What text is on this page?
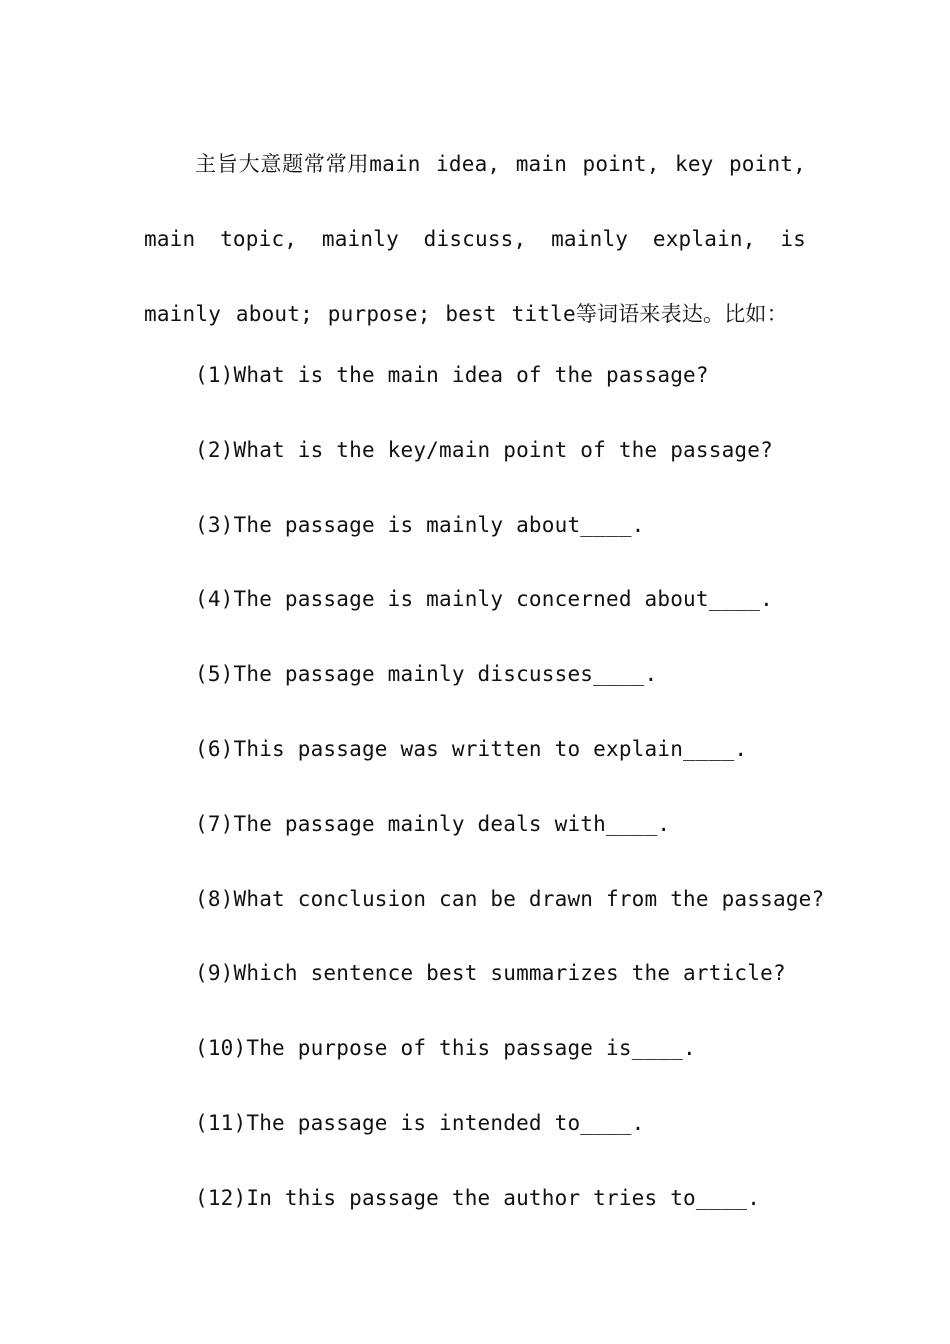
主旨大意题常常用main idea, main point, key point, main topic, mainly discuss, mainly explain, is mainly about; purpose; best title等词语来表达。比如：

(1)What is the main idea of the passage?
(2)What is the key/main point of the passage?
(3)The passage is mainly about____.
(4)The passage is mainly concerned about____.
(5)The passage mainly discusses____.
(6)This passage was written to explain____.
(7)The passage mainly deals with____.
(8)What conclusion can be drawn from the passage?
(9)Which sentence best summarizes the article?
(10)The purpose of this passage is____.
(11)The passage is intended to____.
(12)In this passage the author tries to____.
